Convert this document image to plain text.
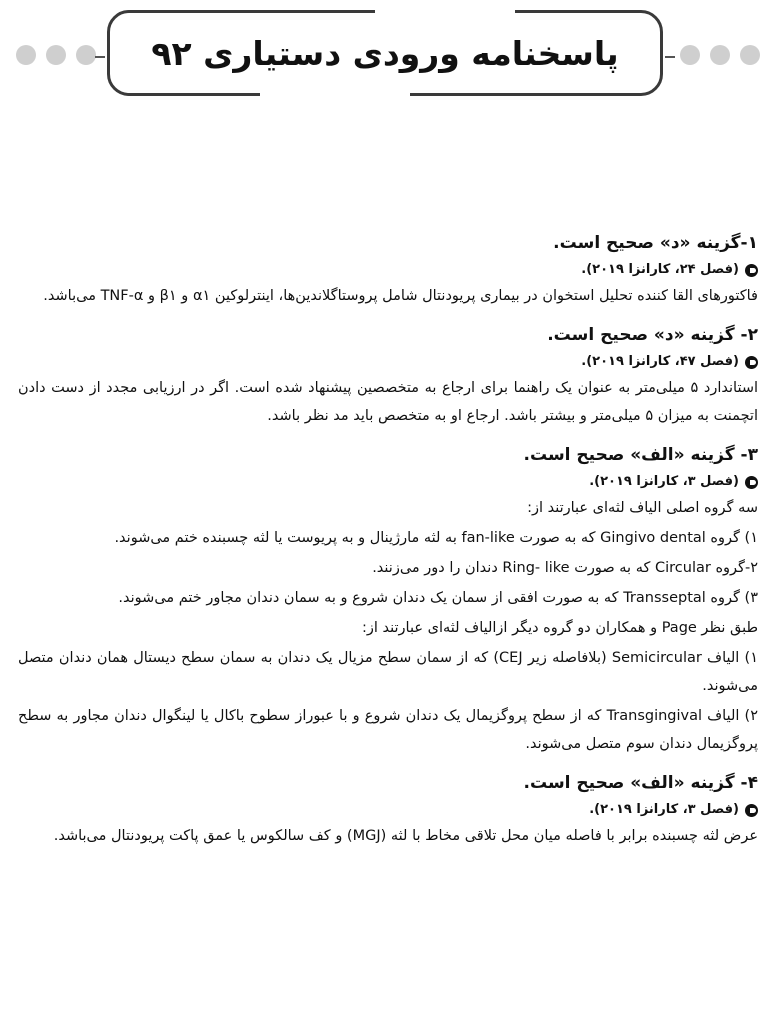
پاسخنامه ورودی دستیاری ۹۲

۱-گزینه «د» صحیح است.

(فصل ۲۴، کارانزا ۲۰۱۹).

فاکتورهای القا کننده تحلیل استخوان در بیماری پریودنتال شامل پروستاگلاندین‌ها، اینترلوکین α۱ و β۱ و TNF-α می‌باشد.

۲- گزینه «د» صحیح است.

(فصل ۴۷، کارانزا ۲۰۱۹).

استاندارد ۵ میلی‌متر به عنوان یک راهنما برای ارجاع به متخصصین پیشنهاد شده است. اگر در ارزیابی مجدد از دست دادن اتچمنت به میزان ۵ میلی‌متر و بیشتر باشد. ارجاع او به متخصص باید مد نظر باشد.

۳- گزینه «الف» صحیح است.

(فصل ۳، کارانزا ۲۰۱۹).

سه گروه اصلی الیاف لثه‌ای عبارتند از:

۱) گروه Gingivo dental که به صورت fan-like به لثه مارژینال و به پریوست یا لثه چسبنده ختم می‌شوند.

۲-گروه Circular که به صورت Ring- like دندان را دور می‌زنند.

۳) گروه Transseptal که به صورت افقی از سمان یک دندان شروع و به سمان دندان مجاور ختم می‌شوند.

طبق نظر Page و همکاران دو گروه دیگر ازالیاف لثه‌ای عبارتند از:

۱) الیاف Semicircular (بلافاصله زیر CEJ) که از سمان سطح مزیال یک دندان به سمان سطح دیستال همان دندان متصل می‌شوند.

۲) الیاف Transgingival که از سطح پروگزیمال یک دندان شروع و با عبوراز سطوح باکال یا لینگوال دندان مجاور به سطح پروگزیمال دندان سوم متصل می‌شوند.

۴- گزینه «الف» صحیح است.

(فصل ۳، کارانزا ۲۰۱۹).

عرض لثه چسبنده برابر با فاصله میان محل تلاقی مخاط با لثه (MGJ) و کف سالکوس یا عمق پاکت پریودنتال می‌باشد.
